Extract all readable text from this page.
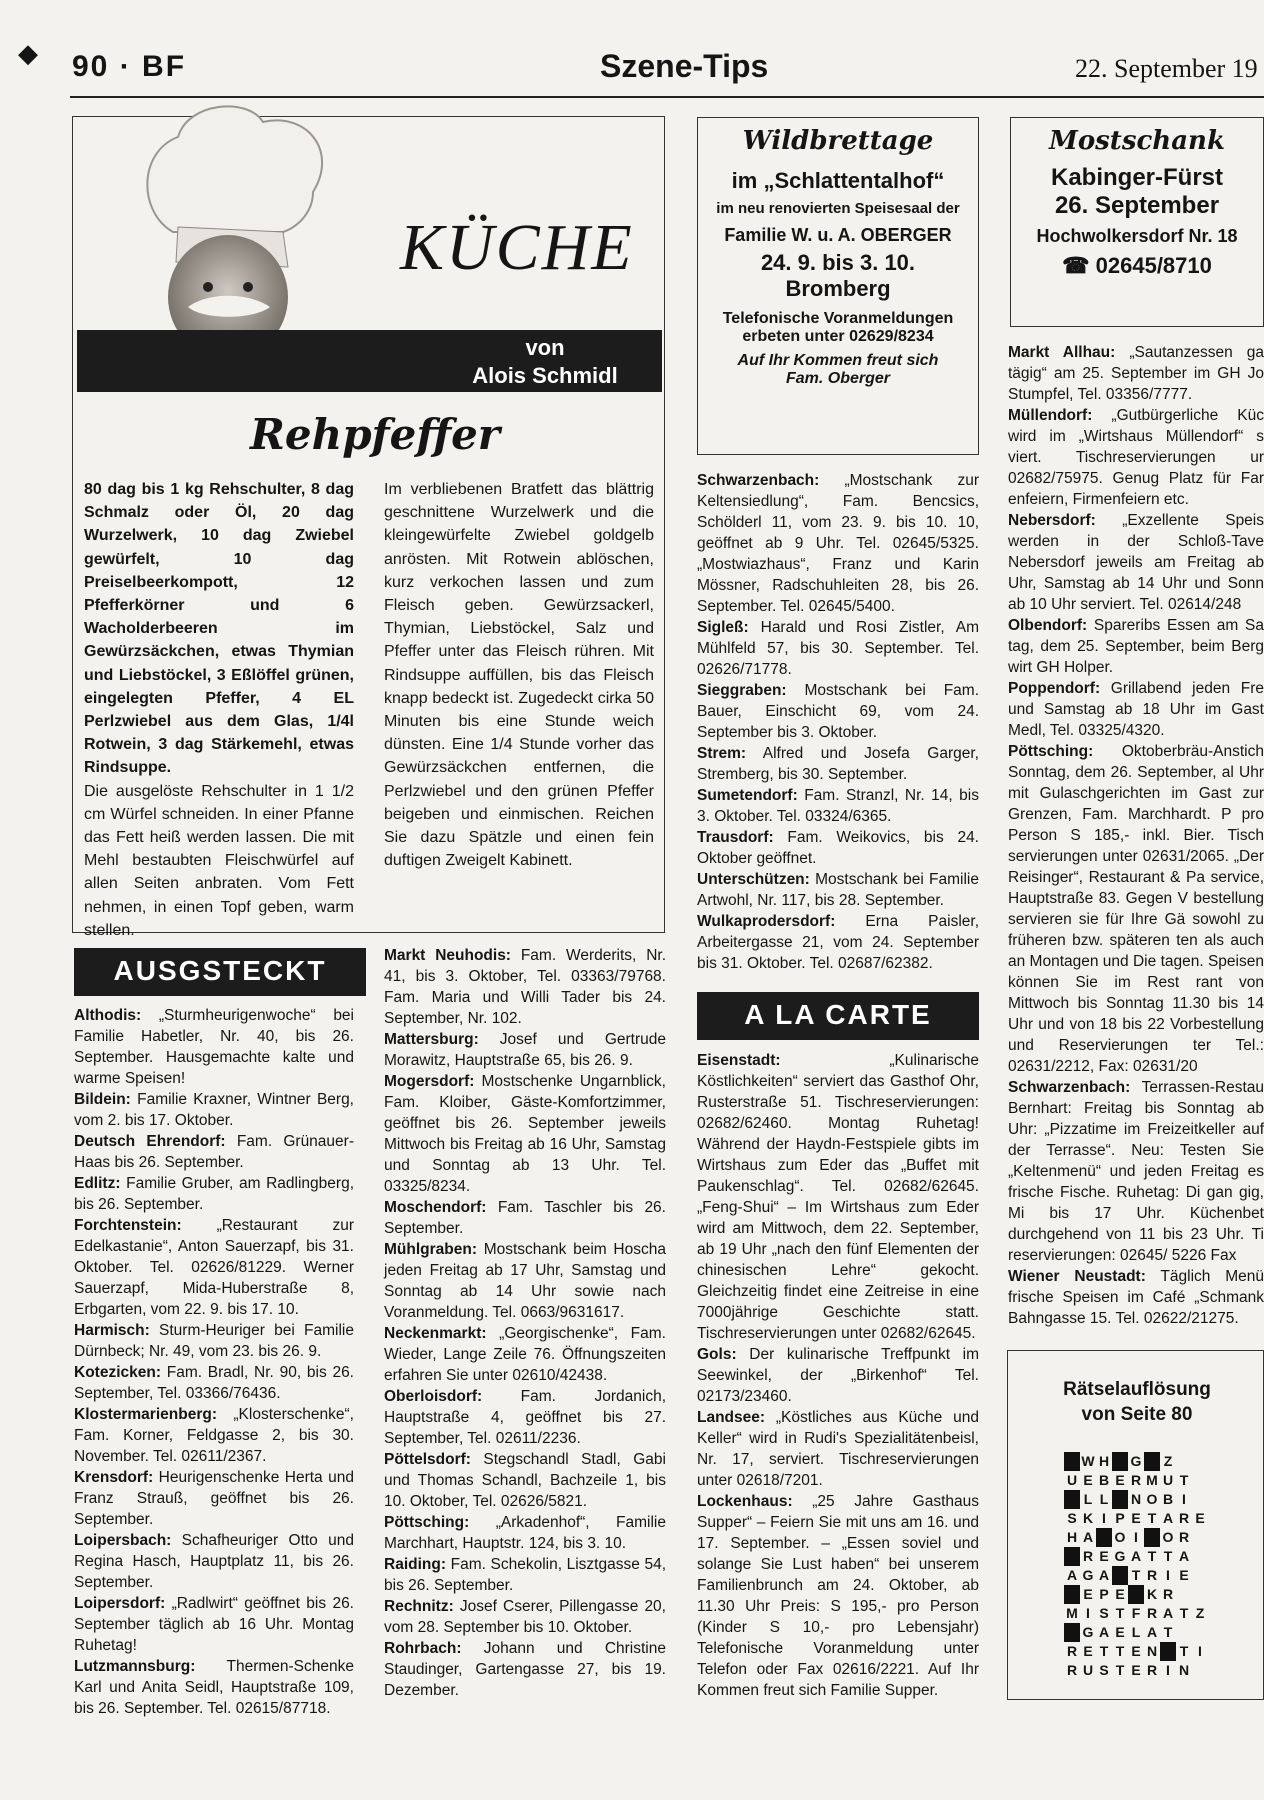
◆ 90 · BF	Szene-Tips	22. September 19
KÜCHE
von
Alois Schmidl
Rehpfeffer
80 dag bis 1 kg Rehschulter, 8 dag Schmalz oder Öl, 20 dag Wurzelwerk, 10 dag Zwiebel gewürfelt, 10 dag Preiselbeerkompott, 12 Pfefferkörner und 6 Wacholderbeeren im Gewürzsäckchen, etwas Thymian und Liebstöckel, 3 Eßlöffel grünen, eingelegten Pfeffer, 4 EL Perlzwiebel aus dem Glas, 1/4l Rotwein, 3 dag Stärkemehl, etwas Rindsuppe.
Die ausgelöste Rehschulter in 1 1/2 cm Würfel schneiden. In einer Pfanne das Fett heiß werden lassen. Die mit Mehl bestaubten Fleischwürfel auf allen Seiten anbraten. Vom Fett nehmen, in einen Topf geben, warm stellen.
Im verbliebenen Bratfett das blättrig geschnittene Wurzelwerk und die kleingewürfelte Zwiebel goldgelb anrösten. Mit Rotwein ablöschen, kurz verkochen lassen und zum Fleisch geben. Gewürzsackerl, Thymian, Liebstöckel, Salz und Pfeffer unter das Fleisch rühren. Mit Rindsuppe auffüllen, bis das Fleisch knapp bedeckt ist. Zugedeckt cirka 50 Minuten bis eine Stunde weich dünsten. Eine 1/4 Stunde vorher das Gewürzsäckchen entfernen, die Perlzwiebel und den grünen Pfeffer beigeben und einmischen. Reichen Sie dazu Spätzle und einen fein duftigen Zweigelt Kabinett.
AUSGSTECKT
Althodis: „Sturmheurigenwoche“ bei Familie Habetler, Nr. 40, bis 26. September. Hausgemachte kalte und warme Speisen!
Bildein: Familie Kraxner, Wintner Berg, vom 2. bis 17. Oktober.
Deutsch Ehrendorf: Fam. Grünauer-Haas bis 26. September.
Edlitz: Familie Gruber, am Radlingberg, bis 26. September.
Forchtenstein: „Restaurant zur Edelkastanie“, Anton Sauerzapf, bis 31. Oktober. Tel. 02626/81229. Werner Sauerzapf, Mida-Huberstraße 8, Erbgarten, vom 22. 9. bis 17. 10.
Harmisch: Sturm-Heuriger bei Familie Dürnbeck; Nr. 49, vom 23. bis 26. 9.
Kotezicken: Fam. Bradl, Nr. 90, bis 26. September, Tel. 03366/76436.
Klostermarienberg: „Klosterschenke“, Fam. Korner, Feldgasse 2, bis 30. November. Tel. 02611/2367.
Krensdorf: Heurigenschenke Herta und Franz Strauß, geöffnet bis 26. September.
Loipersbach: Schafheuriger Otto und Regina Hasch, Hauptplatz 11, bis 26. September.
Loipersdorf: „Radlwirt“ geöffnet bis 26. September täglich ab 16 Uhr. Montag Ruhetag!
Lutzmannsburg: Thermen-Schenke Karl und Anita Seidl, Hauptstraße 109, bis 26. September. Tel. 02615/87718.
Markt Neuhodis: Fam. Werderits, Nr. 41, bis 3. Oktober, Tel. 03363/79768. Fam. Maria und Willi Tader bis 24. September, Nr. 102.
Mattersburg: Josef und Gertrude Morawitz, Hauptstraße 65, bis 26. 9.
Mogersdorf: Mostschenke Ungarnblick, Fam. Kloiber, Gäste-Komfortzimmer, geöffnet bis 26. September jeweils Mittwoch bis Freitag ab 16 Uhr, Samstag und Sonntag ab 13 Uhr. Tel. 03325/8234.
Moschendorf: Fam. Taschler bis 26. September.
Mühlgraben: Mostschank beim Hoscha jeden Freitag ab 17 Uhr, Samstag und Sonntag ab 14 Uhr sowie nach Voranmeldung. Tel. 0663/9631617.
Neckenmarkt: „Georgischenke“, Fam. Wieder, Lange Zeile 76. Öffnungszeiten erfahren Sie unter 02610/42438.
Oberloisdorf: Fam. Jordanich, Hauptstraße 4, geöffnet bis 27. September, Tel. 02611/2236.
Pöttelsdorf: Stegschandl Stadl, Gabi und Thomas Schandl, Bachzeile 1, bis 10. Oktober, Tel. 02626/5821.
Pöttsching: „Arkadenhof“, Familie Marchhart, Hauptstr. 124, bis 3. 10.
Raiding: Fam. Schekolin, Lisztgasse 54, bis 26. September.
Rechnitz: Josef Cserer, Pillengasse 20, vom 28. September bis 10. Oktober.
Rohrbach: Johann und Christine Staudinger, Gartengasse 27, bis 19. Dezember.
Wildbrettage
im „Schlattentalhof“
im neu renovierten Speisesaal der
Familie W. u. A. OBERGER
24. 9. bis 3. 10.
Bromberg
Telefonische Voranmeldungen erbeten unter 02629/8234
Auf Ihr Kommen freut sich Fam. Oberger
Schwarzenbach: „Mostschank zur Keltensiedlung“, Fam. Bencsics, Schölderl 11, vom 23. 9. bis 10. 10, geöffnet ab 9 Uhr. Tel. 02645/5325. „Mostwiazhaus“, Franz und Karin Mössner, Radschuhleiten 28, bis 26. September. Tel. 02645/5400.
Sigleß: Harald und Rosi Zistler, Am Mühlfeld 57, bis 30. September. Tel. 02626/71778.
Sieggraben: Mostschank bei Fam. Bauer, Einschicht 69, vom 24. September bis 3. Oktober.
Strem: Alfred und Josefa Garger, Stremberg, bis 30. September.
Sumetendorf: Fam. Stranzl, Nr. 14, bis 3. Oktober. Tel. 03324/6365.
Trausdorf: Fam. Weikovics, bis 24. Oktober geöffnet.
Unterschützen: Mostschank bei Familie Artwohl, Nr. 117, bis 28. September.
Wulkaprodersdorf: Erna Paisler, Arbeitergasse 21, vom 24. September bis 31. Oktober. Tel. 02687/62382.
A LA CARTE
Eisenstadt: „Kulinarische Köstlichkeiten“ serviert das Gasthof Ohr, Rusterstraße 51. Tischreservierungen: 02682/62460. Montag Ruhetag! Während der Haydn-Festspiele gibts im Wirtshaus zum Eder das „Buffet mit Paukenschlag“. Tel. 02682/62645. „Feng-Shui“ – Im Wirtshaus zum Eder wird am Mittwoch, dem 22. September, ab 19 Uhr „nach den fünf Elementen der chinesischen Lehre“ gekocht. Gleichzeitig findet eine Zeitreise in eine 7000jährige Geschichte statt. Tischreservierungen unter 02682/62645.
Gols: Der kulinarische Treffpunkt im Seewinkel, der „Birkenhof“ Tel. 02173/23460.
Landsee: „Köstliches aus Küche und Keller“ wird in Rudi's Spezialitätenbeisl, Nr. 17, serviert. Tischreservierungen unter 02618/7201.
Lockenhaus: „25 Jahre Gasthaus Supper“ – Feiern Sie mit uns am 16. und 17. September. – „Essen soviel und solange Sie Lust haben“ bei unserem Familienbrunch am 24. Oktober, ab 11.30 Uhr Preis: S 195,- pro Person (Kinder S 10,- pro Lebensjahr) Telefonische Voranmeldung unter Telefon oder Fax 02616/2221. Auf Ihr Kommen freut sich Familie Supper.
Mostschank
Kabinger-Fürst
26. September
Hochwolkersdorf Nr. 18
☎ 02645/8710
Markt Allhau: „Sautanzessen ga tägig“ am 25. September im GH Jo Stumpfel, Tel. 03356/7777.
Müllendorf: „Gutbürgerliche Küc wird im „Wirtshaus Müllendorf“ s viert. Tischreservierungen ur 02682/75975. Genug Platz für Far enfeiern, Firmenfeiern etc.
Nebersdorf: „Exzellente Speis werden in der Schloß-Tave Nebersdorf jeweils am Freitag ab Uhr, Samstag ab 14 Uhr und Sonn ab 10 Uhr serviert. Tel. 02614/248
Olbendorf: Spareribs Essen am Sa tag, dem 25. September, beim Berg wirt GH Holper.
Poppendorf: Grillabend jeden Fre und Samstag ab 18 Uhr im Gast Medl, Tel. 03325/4320.
Pöttsching: Oktoberbräu-Anstich Sonntag, dem 26. September, al Uhr mit Gulaschgerichten im Gast zur Grenzen, Fam. Marchhardt. P pro Person S 185,- inkl. Bier. Tisch servierungen unter 02631/2065. „Der Reisinger“, Restaurant & Pa service, Hauptstraße 83. Gegen V bestellung servieren sie für Ihre Gä sowohl zu früheren bzw. späteren ten als auch an Montagen und Die tagen. Speisen können Sie im Rest rant von Mittwoch bis Sonntag 11.30 bis 14 Uhr und von 18 bis 22 Vorbestellung und Reservierungen ter Tel.: 02631/2212, Fax: 02631/20
Schwarzenbach: Terrassen-Restau Bernhart: Freitag bis Sonntag ab Uhr: „Pizzatime im Freizeitkeller auf der Terrasse“. Neu: Testen Sie „Keltenmenü“ und jeden Freitag es frische Fische. Ruhetag: Di gan gig, Mi bis 17 Uhr. Küchenbet durchgehend von 11 bis 23 Uhr. Ti reservierungen: 02645/ 5226 Fax
Wiener Neustadt: Täglich Menü frische Speisen im Café „Schmank Bahngasse 15. Tel. 02622/21275.
Rätselauflösung
von Seite 80
	W	H		G		Z		
U	E	B	E	R	M	U	T	
	L	L		N	O	B	I	
S	K	I	P	E	T	A	R	E
H	A		O	I		O	R	
	R	E	G	A	T	T	A	
A	G	A		T	R	I	E	
	E	P	E		K	R		
M	I	S	T	F	R	A	T	Z
	G	A	E	L	A	T		
R	E	T	T	E	N		T	I
R	U	S	T	E	R	I	N	
